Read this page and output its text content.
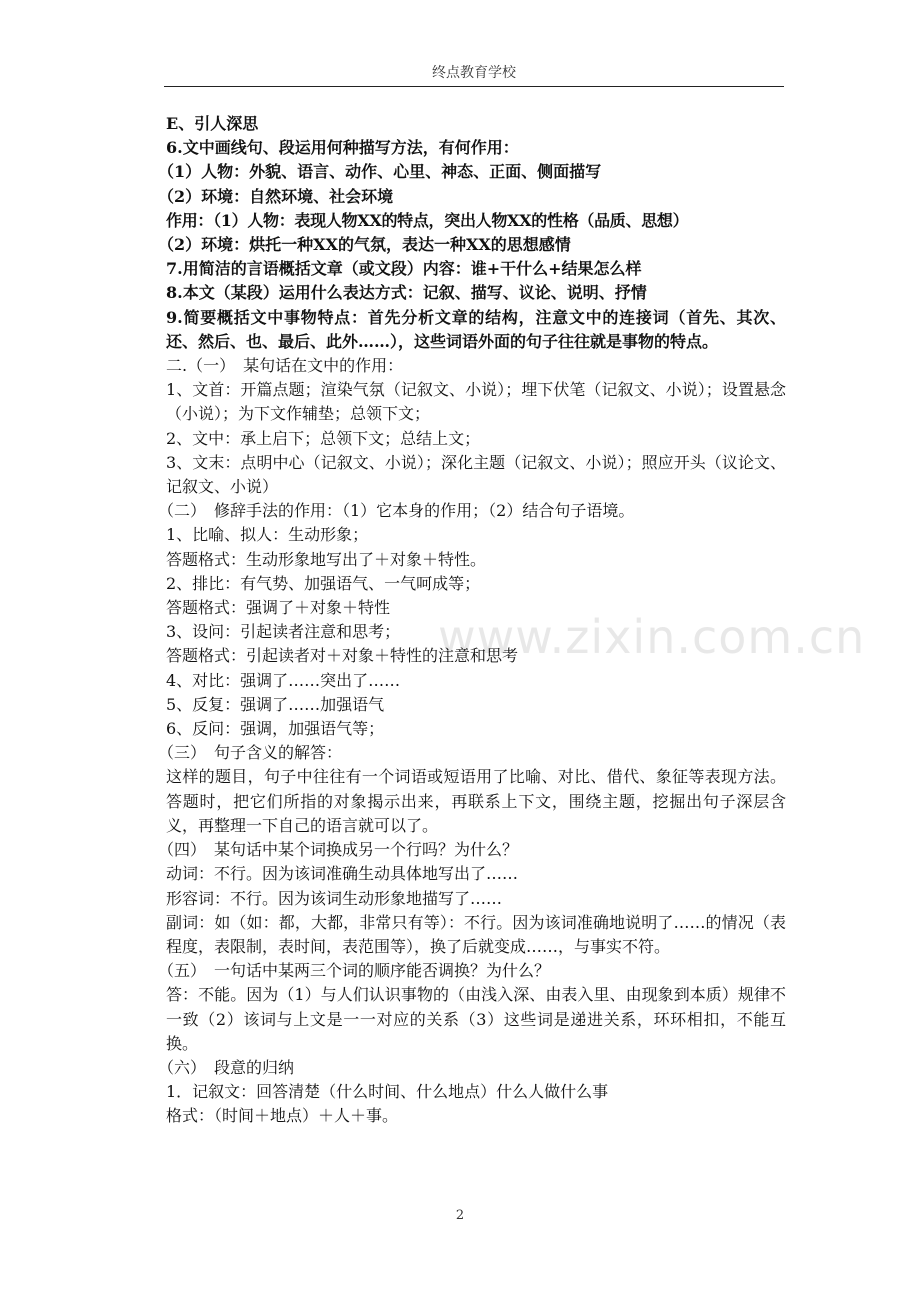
终点教育学校
www.zixin.com.cn
E、引人深思
6.文中画线句、段运用何种描写方法，有何作用：
（1）人物：外貌、语言、动作、心里、神态、正面、侧面描写
（2）环境：自然环境、社会环境
作用：（1）人物：表现人物XX的特点，突出人物XX的性格（品质、思想）
（2）环境：烘托一种XX的气氛，表达一种XX的思想感情
7.用简洁的言语概括文章（或文段）内容：谁+干什么+结果怎么样
8.本文（某段）运用什么表达方式：记叙、描写、议论、说明、抒情
9.简要概括文中事物特点：首先分析文章的结构，注意文中的连接词（首先、其次、还、然后、也、最后、此外……），这些词语外面的句子往往就是事物的特点。
二.（一）　某句话在文中的作用：
1、文首：开篇点题；渲染气氛（记叙文、小说）；埋下伏笔（记叙文、小说）；设置悬念（小说）；为下文作辅垫；总领下文；
2、文中：承上启下；总领下文；总结上文；
3、文末：点明中心（记叙文、小说）；深化主题（记叙文、小说）；照应开头（议论文、记叙文、小说）
（二）　修辞手法的作用：（1）它本身的作用；（2）结合句子语境。
1、比喻、拟人：生动形象；
答题格式：生动形象地写出了＋对象＋特性。
2、排比：有气势、加强语气、一气呵成等；
答题格式：强调了＋对象＋特性
3、设问：引起读者注意和思考；
答题格式：引起读者对＋对象＋特性的注意和思考
4、对比：强调了……突出了……
5、反复：强调了……加强语气
6、反问：强调，加强语气等；
（三）　句子含义的解答：
这样的题目，句子中往往有一个词语或短语用了比喻、对比、借代、象征等表现方法。答题时，把它们所指的对象揭示出来，再联系上下文，围绕主题，挖掘出句子深层含义，再整理一下自己的语言就可以了。
（四）　某句话中某个词换成另一个行吗？为什么？
动词：不行。因为该词准确生动具体地写出了……
形容词：不行。因为该词生动形象地描写了……
副词：如（如：都，大都，非常只有等）：不行。因为该词准确地说明了……的情况（表程度，表限制，表时间，表范围等），换了后就变成……，与事实不符。
（五）　一句话中某两三个词的顺序能否调换？为什么？
答：不能。因为（1）与人们认识事物的（由浅入深、由表入里、由现象到本质）规律不一致（2）该词与上文是一一对应的关系（3）这些词是递进关系，环环相扣，不能互换。
（六）　段意的归纳
1．记叙文：回答清楚（什么时间、什么地点）什么人做什么事
格式：（时间＋地点）＋人＋事。
2
